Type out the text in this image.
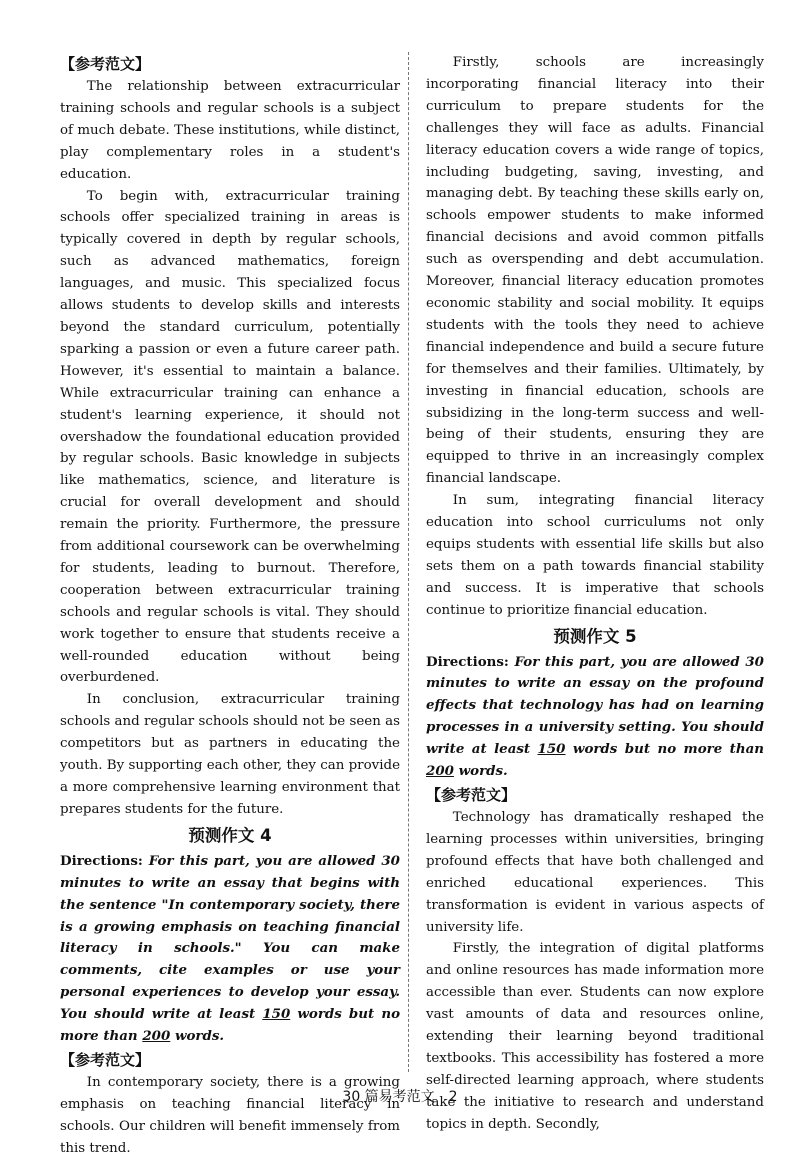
【参考范文】

The relationship between extracurricular training schools and regular schools is a subject of much debate. These institutions, while distinct, play complementary roles in a student's education.

To begin with, extracurricular training schools offer specialized training in areas is typically covered in depth by regular schools, such as advanced mathematics, foreign languages, and music. This specialized focus allows students to develop skills and interests beyond the standard curriculum, potentially sparking a passion or even a future career path. However, it's essential to maintain a balance. While extracurricular training can enhance a student's learning experience, it should not overshadow the foundational education provided by regular schools. Basic knowledge in subjects like mathematics, science, and literature is crucial for overall development and should remain the priority. Furthermore, the pressure from additional coursework can be overwhelming for students, leading to burnout. Therefore, cooperation between extracurricular training schools and regular schools is vital. They should work together to ensure that students receive a well-rounded education without being overburdened.

In conclusion, extracurricular training schools and regular schools should not be seen as competitors but as partners in educating the youth. By supporting each other, they can provide a more comprehensive learning environment that prepares students for the future.

预测作文 4

Directions: For this part, you are allowed 30 minutes to write an essay that begins with the sentence "In contemporary society, there is a growing emphasis on teaching financial literacy in schools." You can make comments, cite examples or use your personal experiences to develop your essay. You should write at least 150 words but no more than 200 words.

【参考范文】

In contemporary society, there is a growing emphasis on teaching financial literacy in schools. Our children will benefit immensely from this trend.

Firstly, schools are increasingly incorporating financial literacy into their curriculum to prepare students for the challenges they will face as adults. Financial literacy education covers a wide range of topics, including budgeting, saving, investing, and managing debt. By teaching these skills early on, schools empower students to make informed financial decisions and avoid common pitfalls such as overspending and debt accumulation. Moreover, financial literacy education promotes economic stability and social mobility. It equips students with the tools they need to achieve financial independence and build a secure future for themselves and their families. Ultimately, by investing in financial education, schools are subsidizing in the long-term success and well-being of their students, ensuring they are equipped to thrive in an increasingly complex financial landscape.

In sum, integrating financial literacy education into school curriculums not only equips students with essential life skills but also sets them on a path towards financial stability and success. It is imperative that schools continue to prioritize financial education.

预测作文 5

Directions: For this part, you are allowed 30 minutes to write an essay on the profound effects that technology has had on learning processes in a university setting. You should write at least 150 words but no more than 200 words.

【参考范文】

Technology has dramatically reshaped the learning processes within universities, bringing profound effects that have both challenged and enriched educational experiences. This transformation is evident in various aspects of university life.

Firstly, the integration of digital platforms and online resources has made information more accessible than ever. Students can now explore vast amounts of data and resources online, extending their learning beyond traditional textbooks. This accessibility has fostered a more self-directed learning approach, where students take the initiative to research and understand topics in depth. Secondly,

30 篇易考范文　2
